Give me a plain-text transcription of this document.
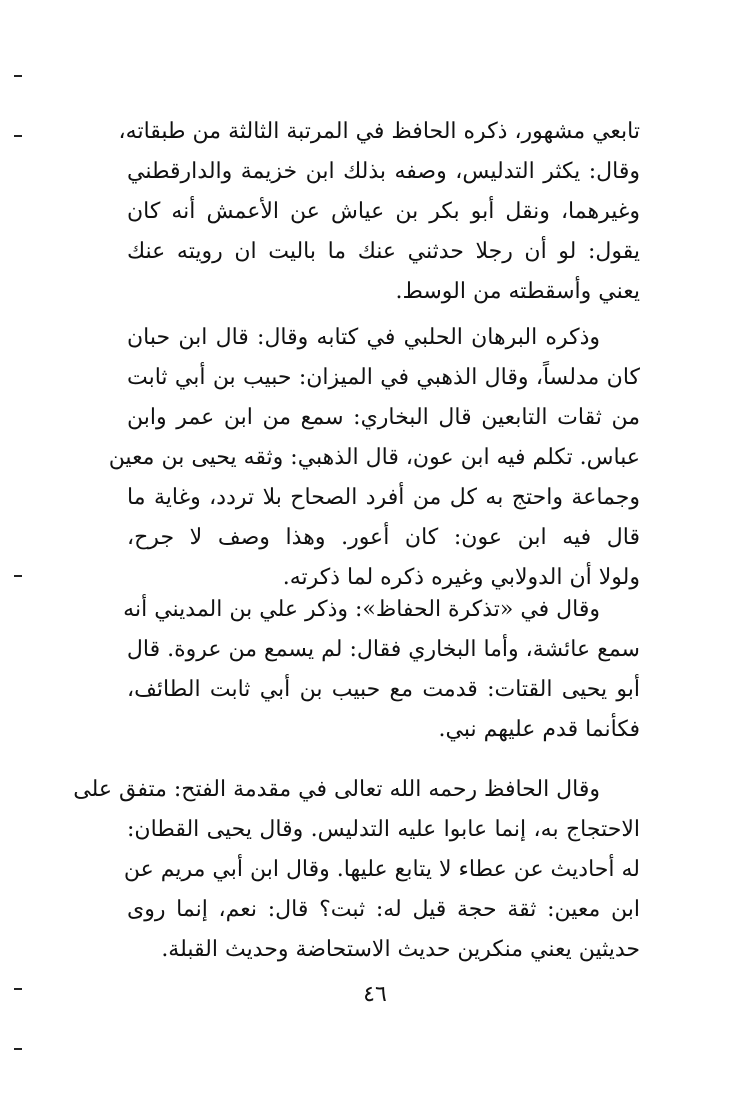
تابعي مشهور، ذكره الحافظ في المرتبة الثالثة من طبقاته،
وقال: يكثر التدليس، وصفه بذلك ابن خزيمة والدارقطني
وغيرهما، ونقل أبو بكر بن عياش عن الأعمش أنه كان
يقول: لو أن رجلا حدثني عنك ما باليت ان رويته عنك
يعني وأسقطته من الوسط.
وذكره البرهان الحلبي في كتابه وقال: قال ابن حبان
كان مدلساً، وقال الذهبي في الميزان: حبيب بن أبي ثابت
من ثقات التابعين قال البخاري: سمع من ابن عمر وابن
عباس. تكلم فيه ابن عون، قال الذهبي: وثقه يحيى بن معين
وجماعة واحتج به كل من أفرد الصحاح بلا تردد، وغاية ما
قال فيه ابن عون: كان أعور. وهذا وصف لا جرح،
ولولا أن الدولابي وغيره ذكره لما ذكرته.
وقال في «تذكرة الحفاظ»: وذكر علي بن المديني أنه
سمع عائشة، وأما البخاري فقال: لم يسمع من عروة. قال
أبو يحيى القتات: قدمت مع حبيب بن أبي ثابت الطائف،
فكأنما قدم عليهم نبي.
وقال الحافظ رحمه الله تعالى في مقدمة الفتح: متفق على
الاحتجاج به، إنما عابوا عليه التدليس. وقال يحيى القطان:
له أحاديث عن عطاء لا يتابع عليها. وقال ابن أبي مريم عن
ابن معين: ثقة حجة قيل له: ثبت؟ قال: نعم، إنما روى
حديثين يعني منكرين حديث الاستحاضة وحديث القبلة.
٤٦
